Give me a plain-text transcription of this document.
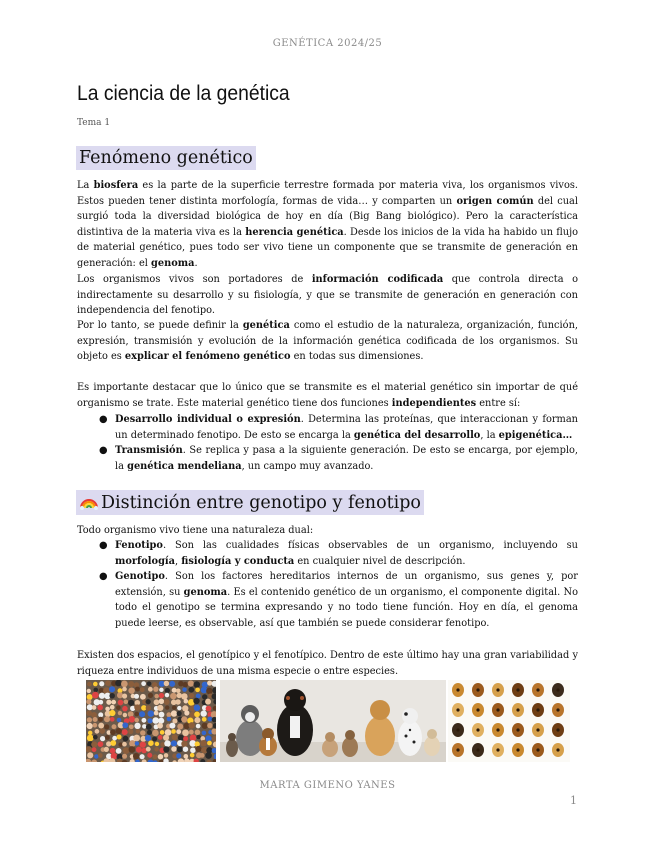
GENÉTICA 2024/25
La ciencia de la genética
Tema 1
Fenómeno genético
La biosfera es la parte de la superficie terrestre formada por materia viva, los organismos vivos. Estos pueden tener distinta morfología, formas de vida… y comparten un origen común del cual surgió toda la diversidad biológica de hoy en día (Big Bang biológico). Pero la característica distintiva de la materia viva es la herencia genética. Desde los inicios de la vida ha habido un flujo de material genético, pues todo ser vivo tiene un componente que se transmite de generación en generación: el genoma.
Los organismos vivos son portadores de información codificada que controla directa o indirectamente su desarrollo y su fisiología, y que se transmite de generación en generación con independencia del fenotipo.
Por lo tanto, se puede definir la genética como el estudio de la naturaleza, organización, función, expresión, transmisión y evolución de la información genética codificada de los organismos. Su objeto es explicar el fenómeno genético en todas sus dimensiones.
Es importante destacar que lo único que se transmite es el material genético sin importar de qué organismo se trate. Este material genético tiene dos funciones independientes entre sí:
● Desarrollo individual o expresión. Determina las proteínas, que interaccionan y forman un determinado fenotipo. De esto se encarga la genética del desarrollo, la epigenética…
● Transmisión. Se replica y pasa a la siguiente generación. De esto se encarga, por ejemplo, la genética mendeliana, un campo muy avanzado.
Distinción entre genotipo y fenotipo
Todo organismo vivo tiene una naturaleza dual:
● Fenotipo. Son las cualidades físicas observables de un organismo, incluyendo su morfología, fisiología y conducta en cualquier nivel de descripción.
● Genotipo. Son los factores hereditarios internos de un organismo, sus genes y, por extensión, su genoma. Es el contenido genético de un organismo, el componente digital. No todo el genotipo se termina expresando y no todo tiene función. Hoy en día, el genoma puede leerse, es observable, así que también se puede considerar fenotipo.
Existen dos espacios, el genotípico y el fenotípico. Dentro de este último hay una gran variabilidad y riqueza entre individuos de una misma especie o entre especies.
MARTA GIMENO YANES
1
